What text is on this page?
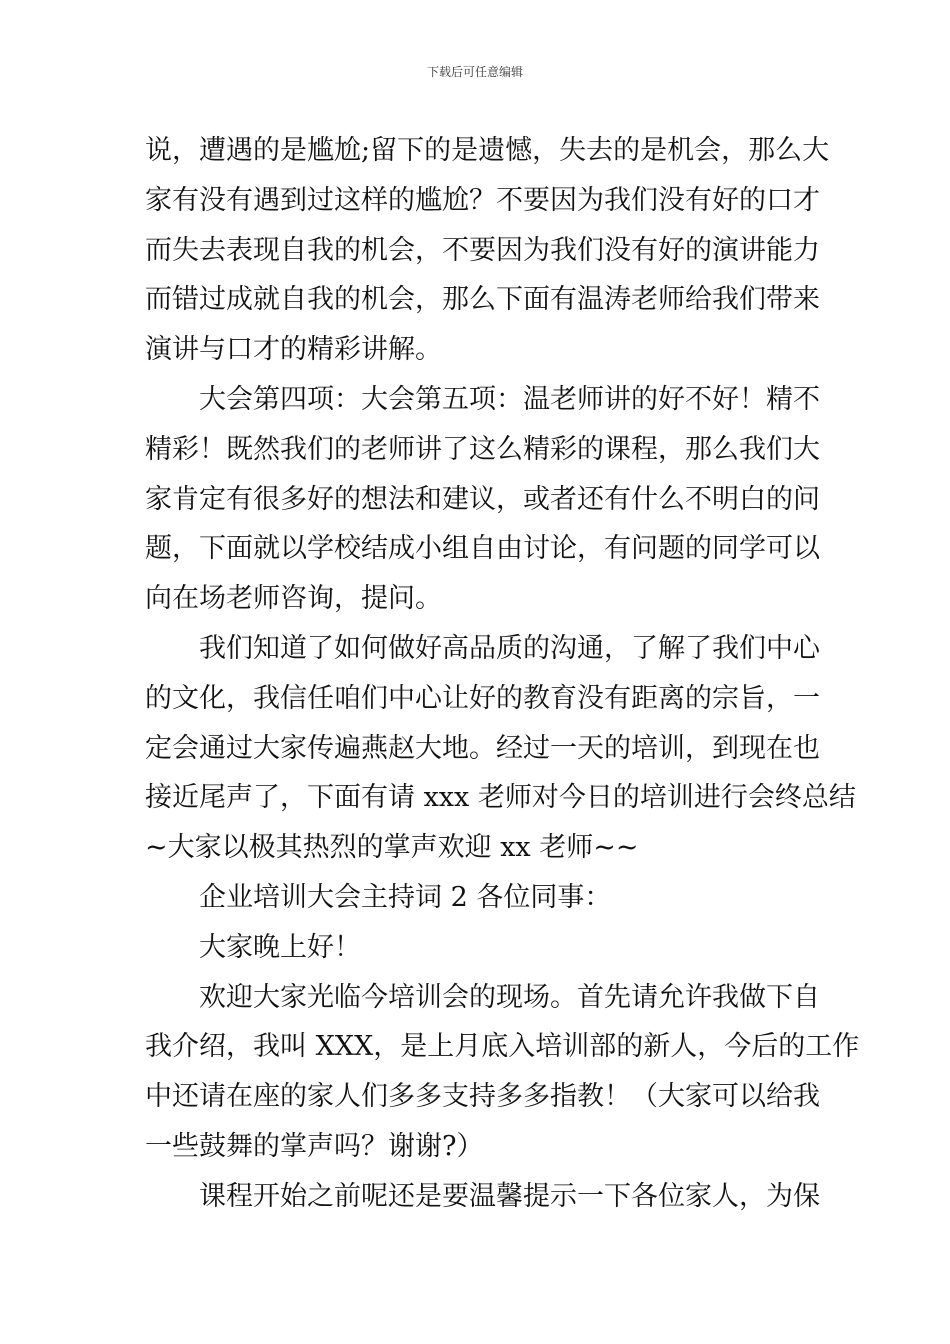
下载后可任意编辑
说，遭遇的是尴尬;留下的是遗憾，失去的是机会，那么大
家有没有遇到过这样的尴尬？不要因为我们没有好的口才
而失去表现自我的机会，不要因为我们没有好的演讲能力
而错过成就自我的机会，那么下面有温涛老师给我们带来
演讲与口才的精彩讲解。
大会第四项：大会第五项：温老师讲的好不好！精不
精彩！既然我们的老师讲了这么精彩的课程，那么我们大
家肯定有很多好的想法和建议，或者还有什么不明白的问
题，下面就以学校结成小组自由讨论，有问题的同学可以
向在场老师咨询，提问。
我们知道了如何做好高品质的沟通，了解了我们中心
的文化，我信任咱们中心让好的教育没有距离的宗旨，一
定会通过大家传遍燕赵大地。经过一天的培训，到现在也
接近尾声了，下面有请 xxx 老师对今日的培训进行会终总结
~大家以极其热烈的掌声欢迎 xx 老师~~
企业培训大会主持词 2 各位同事：
大家晚上好！
欢迎大家光临今培训会的现场。首先请允许我做下自
我介绍，我叫 XXX，是上月底入培训部的新人，今后的工作
中还请在座的家人们多多支持多多指教！（大家可以给我
一些鼓舞的掌声吗？谢谢?）
课程开始之前呢还是要温馨提示一下各位家人，为保
